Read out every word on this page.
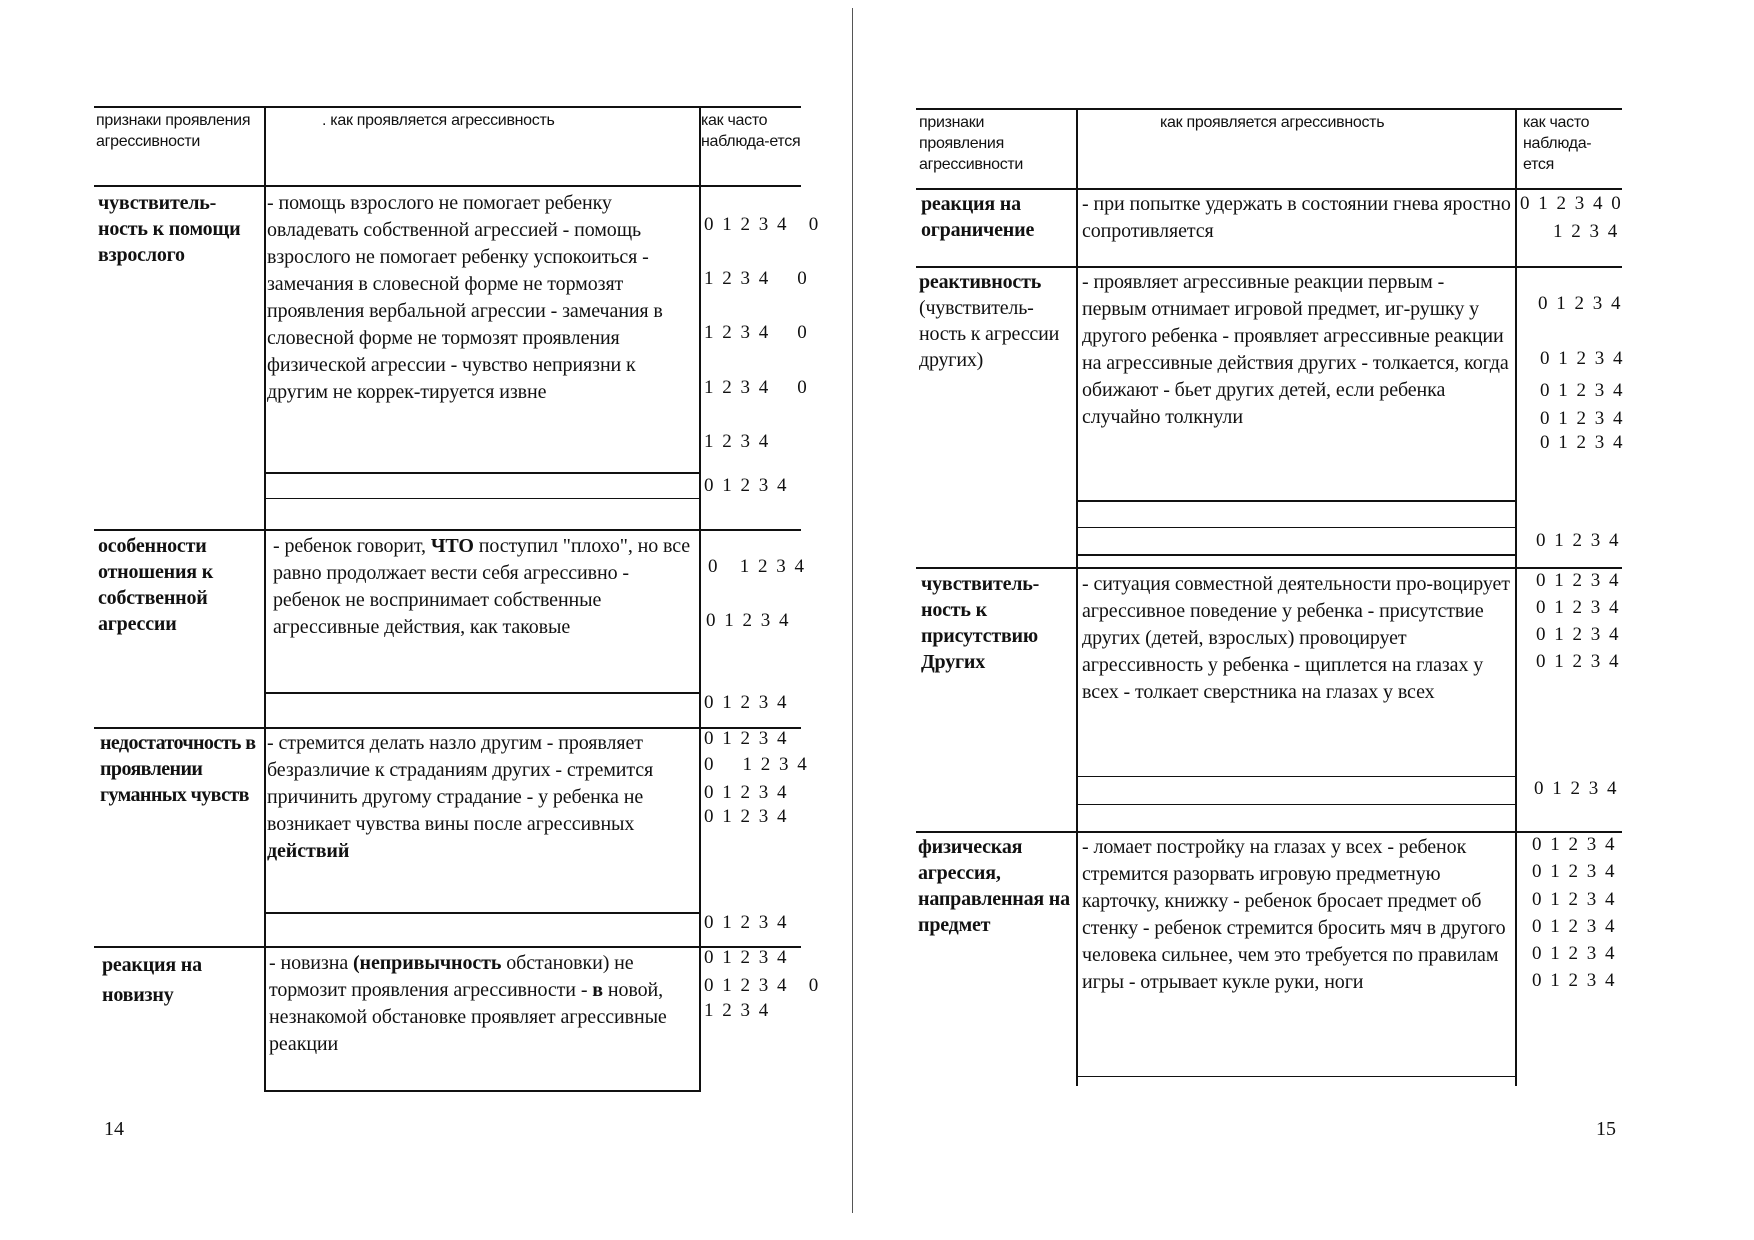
признаки проявления агрессивности
. как проявляется агрессивность	как часто наблюда-ется
чувствитель-ность к помощи взрослого
- помощь взрослого не помогает ребенку овладевать собственной агрессией - помощь взрослого не помогает ребенку успокоиться - замечания в словесной форме не тормозят проявления вербальной агрессии - замечания в словесной форме не тормозят проявления физической агрессии - чувство неприязни к другим не коррек-тируется извне
0 1 2 3 4   0
1 2 3 4    0
1 2 3 4    0
1 2 3 4    0
1 2 3 4
0 1 2 3 4
особенности отношения к собственной агрессии
- ребенок говорит, ЧТО поступил "плохо", но все равно продолжает вести себя агрессивно - ребенок не воспринимает собственные агрессивные действия, как таковые
0   1 2 3 4
0 1 2 3 4
0 1 2 3 4
недостаточность в проявлении гуманных чувств
- стремится делать назло другим - проявляет безразличие к страданиям других - стремится причинить другому страдание - у ребенка не возникает чувства вины после агрессивных действий
0 1 2 3 4
0    1 2 3 4
0 1 2 3 4
0 1 2 3 4
0 1 2 3 4
реакция на новизну
- новизна (непривычность обстановки) не тормозит проявления агрессивности - в новой, незнакомой обстановке проявляет агрессивные реакции
0 1 2 3 4
0 1 2 3 4   0
1 2 3 4
14
признаки проявления агрессивности
как проявляется агрессивность	как часто наблюда-ется
реакция на ограничение
- при попытке удержать в состоянии гнева яростно сопротивляется
0 1 2 3 4 0
1 2 3 4
реактивность
(чувствитель-ность к агрессии других)
- проявляет агрессивные реакции первым - первым отнимает игровой предмет, иг-рушку у другого ребенка - проявляет агрессивные реакции на агрессивные действия других - толкается, когда обижают - бьет других детей, если ребенка случайно толкнули
0 1 2 3 4
0 1 2 3 4
0 1 2 3 4
0 1 2 3 4
0 1 2 3 4
0 1 2 3 4
чувствитель-ность к присутствию Других
- ситуация совместной деятельности про-воцирует агрессивное поведение у ребенка - присутствие других (детей, взрослых) провоцирует агрессивность у ребенка - щиплется на глазах у всех - толкает сверстника на глазах у всех
0 1 2 3 4
0 1 2 3 4
0 1 2 3 4
0 1 2 3 4
0 1 2 3 4
физическая агрессия, направленная на предмет
- ломает постройку на глазах у всех - ребенок стремится разорвать игровую предметную карточку, книжку - ребенок бросает предмет об стенку - ребенок стремится бросить мяч в другого человека сильнее, чем это требуется по правилам игры - отрывает кукле руки, ноги
0 1 2 3 4
0 1 2 3 4
0 1 2 3 4
0 1 2 3 4
0 1 2 3 4
0 1 2 3 4
15
